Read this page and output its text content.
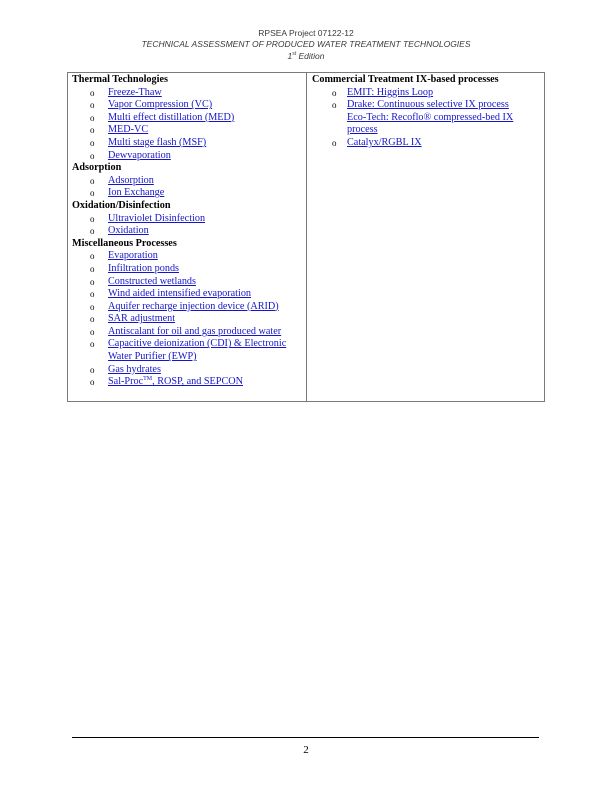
RPSEA Project 07122-12
TECHNICAL ASSESSMENT OF PRODUCED WATER TREATMENT TECHNOLOGIES
1st Edition
Thermal Technologies
o Freeze-Thaw
o Vapor Compression (VC)
o Multi effect distillation (MED)
o MED-VC
o Multi stage flash (MSF)
o Dewvaporation
Adsorption
o Adsorption
o Ion Exchange
Oxidation/Disinfection
o Ultraviolet Disinfection
o Oxidation
Miscellaneous Processes
o Evaporation
o Infiltration ponds
o Constructed wetlands
o Wind aided intensified evaporation
o Aquifer recharge injection device (ARID)
o SAR adjustment
o Antiscalant for oil and gas produced water
o Capacitive deionization (CDI) & Electronic
Water Purifier (EWP)
o Gas hydrates
o Sal-Proc™, ROSP, and SEPCON
Commercial Treatment IX-based processes
o EMIT: Higgins Loop
o Drake: Continuous selective IX process
Eco-Tech: Recoflo® compressed-bed IX
process
o Catalyx/RGBL IX
2
